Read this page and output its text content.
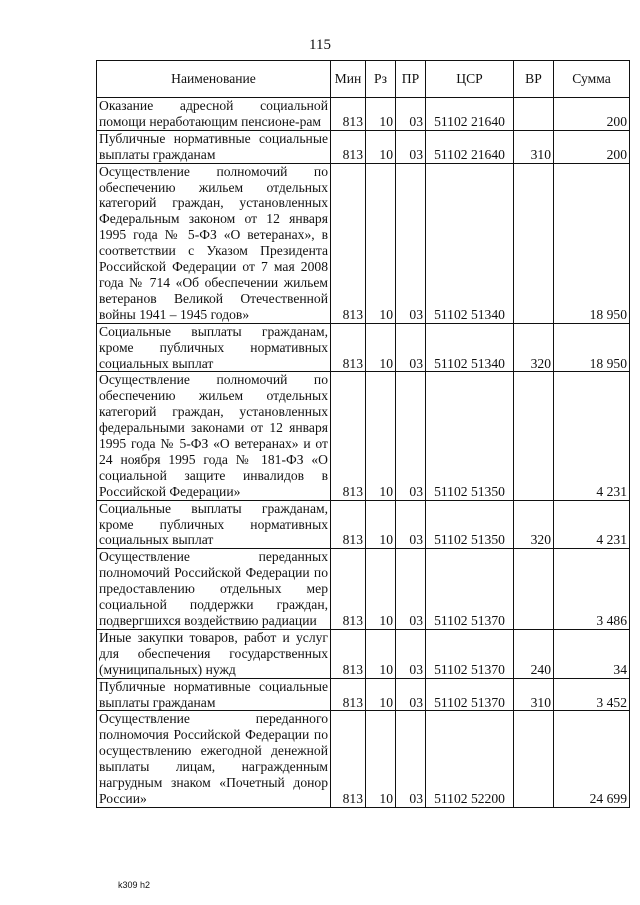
115
Наименование	Мин	Рз	ПР	ЦСР	ВР	Сумма
Оказание адресной социальной помощи неработающим пенсионе-рам	813	10	03	51102 21640		200
Публичные нормативные социальные выплаты гражданам	813	10	03	51102 21640	310	200
Осуществление полномочий по обеспечению жильем отдельных категорий граждан, установленных Федеральным законом от 12 января 1995 года № 5-ФЗ «О ветеранах», в соответствии с Указом Президента Российской Федерации от 7 мая 2008 года № 714 «Об обеспечении жильем ветеранов Великой Отечественной войны 1941 – 1945 годов»	813	10	03	51102 51340		18 950
Социальные выплаты гражданам, кроме публичных нормативных социальных выплат	813	10	03	51102 51340	320	18 950
Осуществление полномочий по обеспечению жильем отдельных категорий граждан, установленных федеральными законами от 12 января 1995 года № 5-ФЗ «О ветеранах» и от 24 ноября 1995 года № 181-ФЗ «О социальной защите инвалидов в Российской Федерации»	813	10	03	51102 51350		4 231
Социальные выплаты гражданам, кроме публичных нормативных социальных выплат	813	10	03	51102 51350	320	4 231
Осуществление переданных полномочий Российской Федерации по предоставлению отдельных мер социальной поддержки граждан, подвергшихся воздействию радиации	813	10	03	51102 51370		3 486
Иные закупки товаров, работ и услуг для обеспечения государственных (муниципальных) нужд	813	10	03	51102 51370	240	34
Публичные нормативные социальные выплаты гражданам	813	10	03	51102 51370	310	3 452
Осуществление переданного полномочия Российской Федерации по осуществлению ежегодной денежной выплаты лицам, награжденным нагрудным знаком «Почетный донор России»	813	10	03	51102 52200		24 699
k309 h2
